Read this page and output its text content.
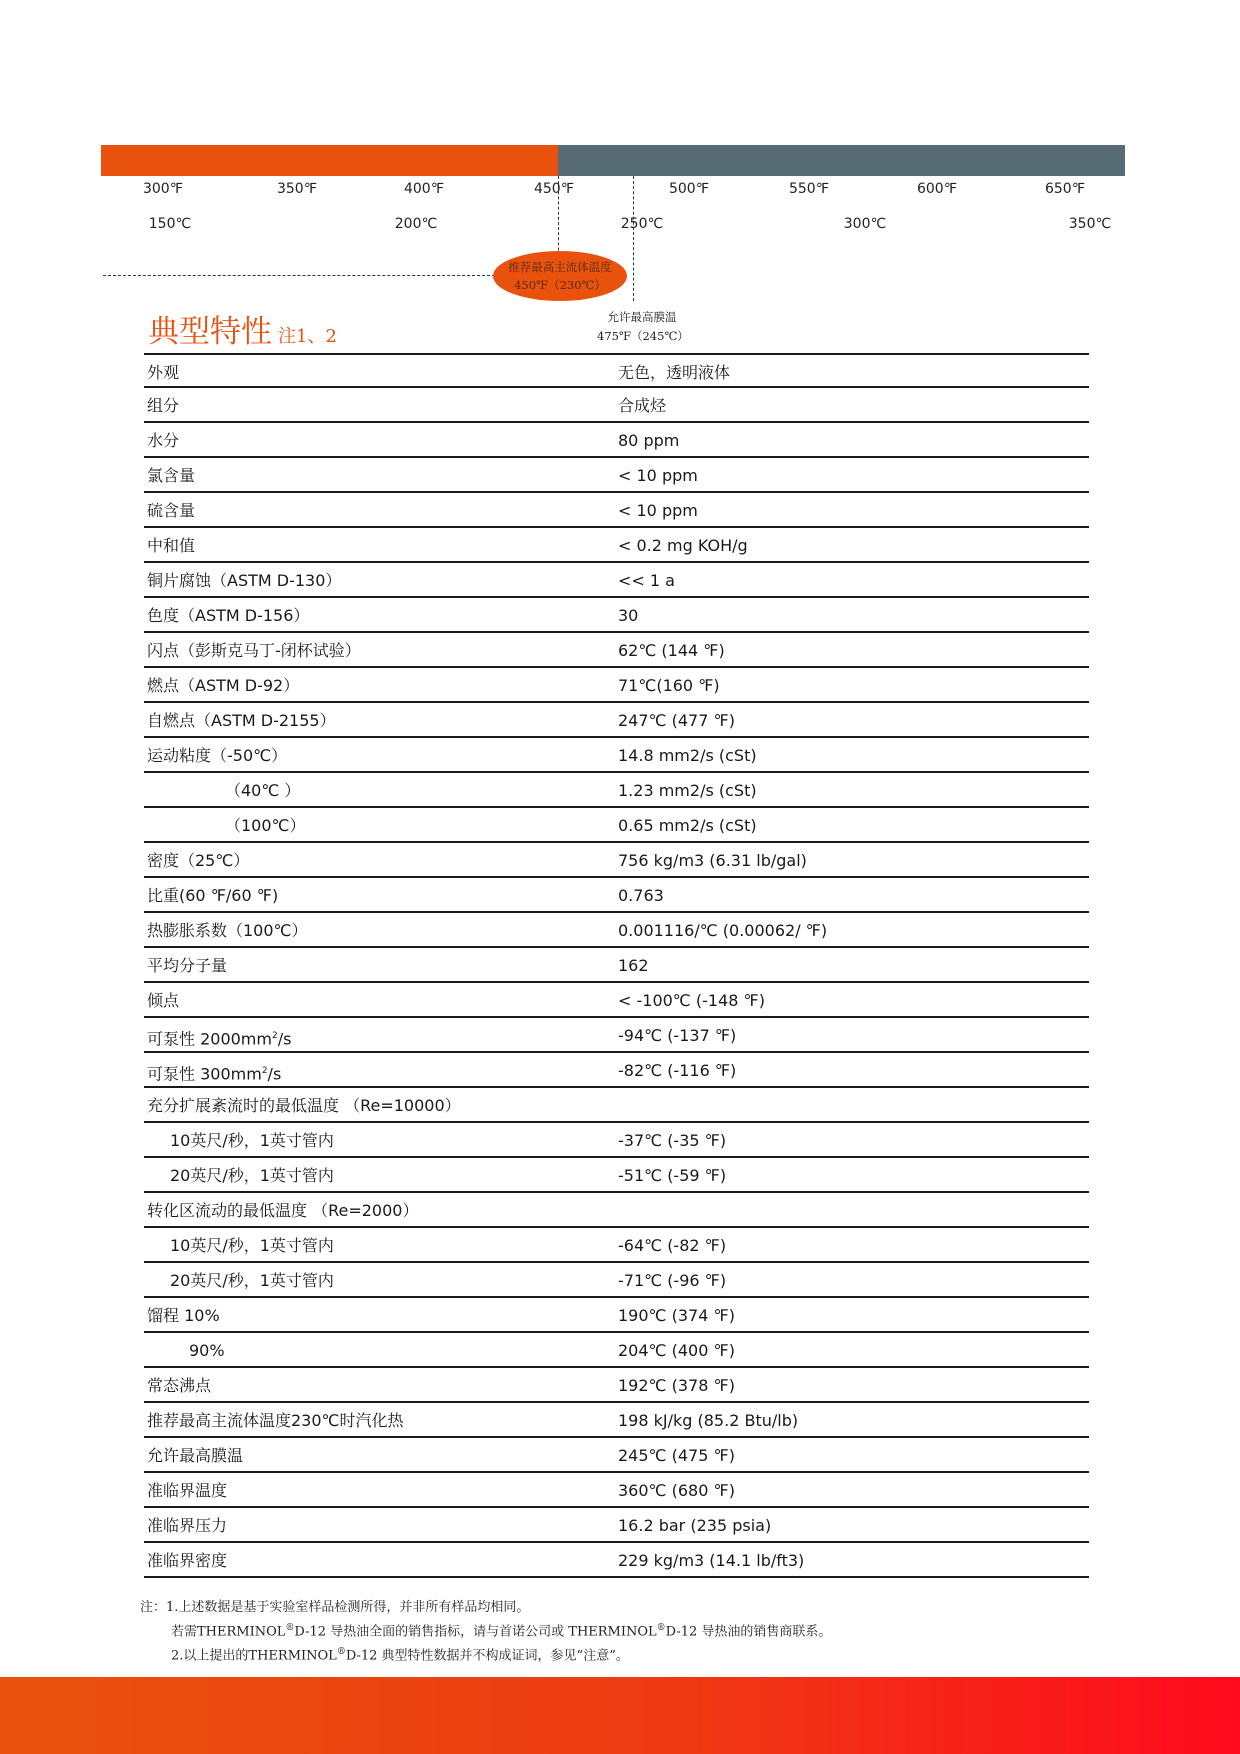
300℉	350℉	400℉	450℉	500℉	550℉	600℉	650℉
150℃	200℃	250℃	300℃	350℃
推荐最高主流体温度
450℉（230℃）
允许最高膜温
475℉（245℃）
典型特性 注1、2
外观	无色，透明液体
组分	合成烃
水分	80 ppm
氯含量	< 10 ppm
硫含量	< 10 ppm
中和值	< 0.2 mg KOH/g
铜片腐蚀（ASTM D-130）	<< 1 a
色度（ASTM D-156）	30
闪点（彭斯克马丁-闭杯试验）	62℃ (144 ℉)
燃点（ASTM D-92）	71℃(160 ℉)
自燃点（ASTM D-2155）	247℃ (477 ℉)
运动粘度（-50℃）	14.8 mm2/s (cSt)
（40℃ ）	1.23 mm2/s (cSt)
（100℃）	0.65 mm2/s (cSt)
密度（25℃）	756 kg/m3 (6.31 lb/gal)
比重(60 ℉/60 ℉)	0.763
热膨胀系数（100℃）	0.001116/℃ (0.00062/ ℉)
平均分子量	162
倾点	< -100℃ (-148 ℉)
可泵性 $2000mm^2/s$	-94℃ (-137 ℉)
可泵性 $300mm^2/s$	-82℃ (-116 ℉)
充分扩展紊流时的最低温度 （Re=10000）
10英尺/秒，1英寸管内	-37℃ (-35 ℉)
20英尺/秒，1英寸管内	-51℃ (-59 ℉)
转化区流动的最低温度 （Re=2000）
10英尺/秒，1英寸管内	-64℃ (-82 ℉)
20英尺/秒，1英寸管内	-71℃ (-96 ℉)
馏程 10%	190℃ (374 ℉)
90%	204℃ (400 ℉)
常态沸点	192℃ (378 ℉)
推荐最高主流体温度230℃时汽化热	198 kJ/kg (85.2 Btu/lb)
允许最高膜温	245℃ (475 ℉)
准临界温度	360℃ (680 ℉)
准临界压力	16.2 bar (235 psia)
准临界密度	229 kg/m3 (14.1 lb/ft3)
注：1.上述数据是基于实验室样品检测所得，并非所有样品均相同。
若需THERMINOL®D-12 导热油全面的销售指标，请与首诺公司或 THERMINOL®D-12 导热油的销售商联系。
2.以上提出的THERMINOL®D-12 典型特性数据并不构成证词，参见“注意”。
